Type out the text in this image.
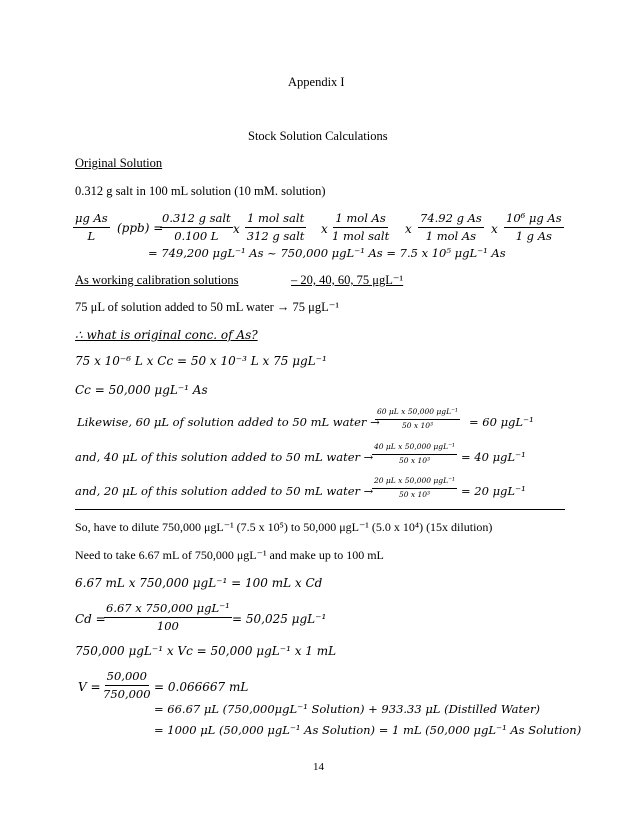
Appendix I
Stock Solution Calculations
Original Solution
0.312 g salt in 100 mL solution (10 mM. solution)
$\frac{\text{μg As}}{L} (ppb)$ =
0.312 g salt
0.100 L
x
1 mol salt
312 g salt
x
1 mol As
1 mol salt
x
74.92 g As
1 mol As
x $\frac{\text{10⁶ μg As}}{\text{1 g As}}$
= 749,200 μgL⁻¹ As ~ 750,000 μgL⁻¹ As = 7.5 x 10⁵ μgL⁻¹ As
As working calibration solutions	– 20, 40, 60, 75 μgL⁻¹
75 μL of solution added to 50 mL water → 75 μgL⁻¹
∴ what is original conc. of As?
75 x 10⁻⁶ L x Cc = 50 x 10⁻³ L x 75 μgL⁻¹
Cc = 50,000 μgL⁻¹ As
Likewise, 60 μL of solution added to 50 mL water →
60 μL x 50,000 μgL⁻¹
50 x 10³	= 60 μgL⁻¹
and, 40 μL of this solution added to 50 mL water →
40 μL x 50,000 μgL⁻¹
50 x 10³	= 40 μgL⁻¹
and, 20 μL of this solution added to 50 mL water →
20 μL x 50,000 μgL⁻¹
50 x 10³	= 20 μgL⁻¹
So, have to dilute 750,000 μgL⁻¹ (7.5 x 10⁵) to 50,000 μgL⁻¹ (5.0 x 10⁴) (15x dilution)
Need to take 6.67 mL of 750,000 μgL⁻¹ and make up to 100 mL
6.67 mL x 750,000 μgL⁻¹ = 100 mL x Cd
Cd =
6.67 x 750,000 μgL⁻¹
100
= 50,025 μgL⁻¹
750,000 μgL⁻¹ x Vc = 50,000 μgL⁻¹ x 1 mL
$V = \frac{50,000}{750,000} = 0.066667$ mL
= 66.67 μL (750,000μgL⁻¹ Solution) + 933.33 μL (Distilled Water)
= 1000 μL (50,000 μgL⁻¹ As Solution) = 1 mL (50,000 μgL⁻¹ As Solution)
14
